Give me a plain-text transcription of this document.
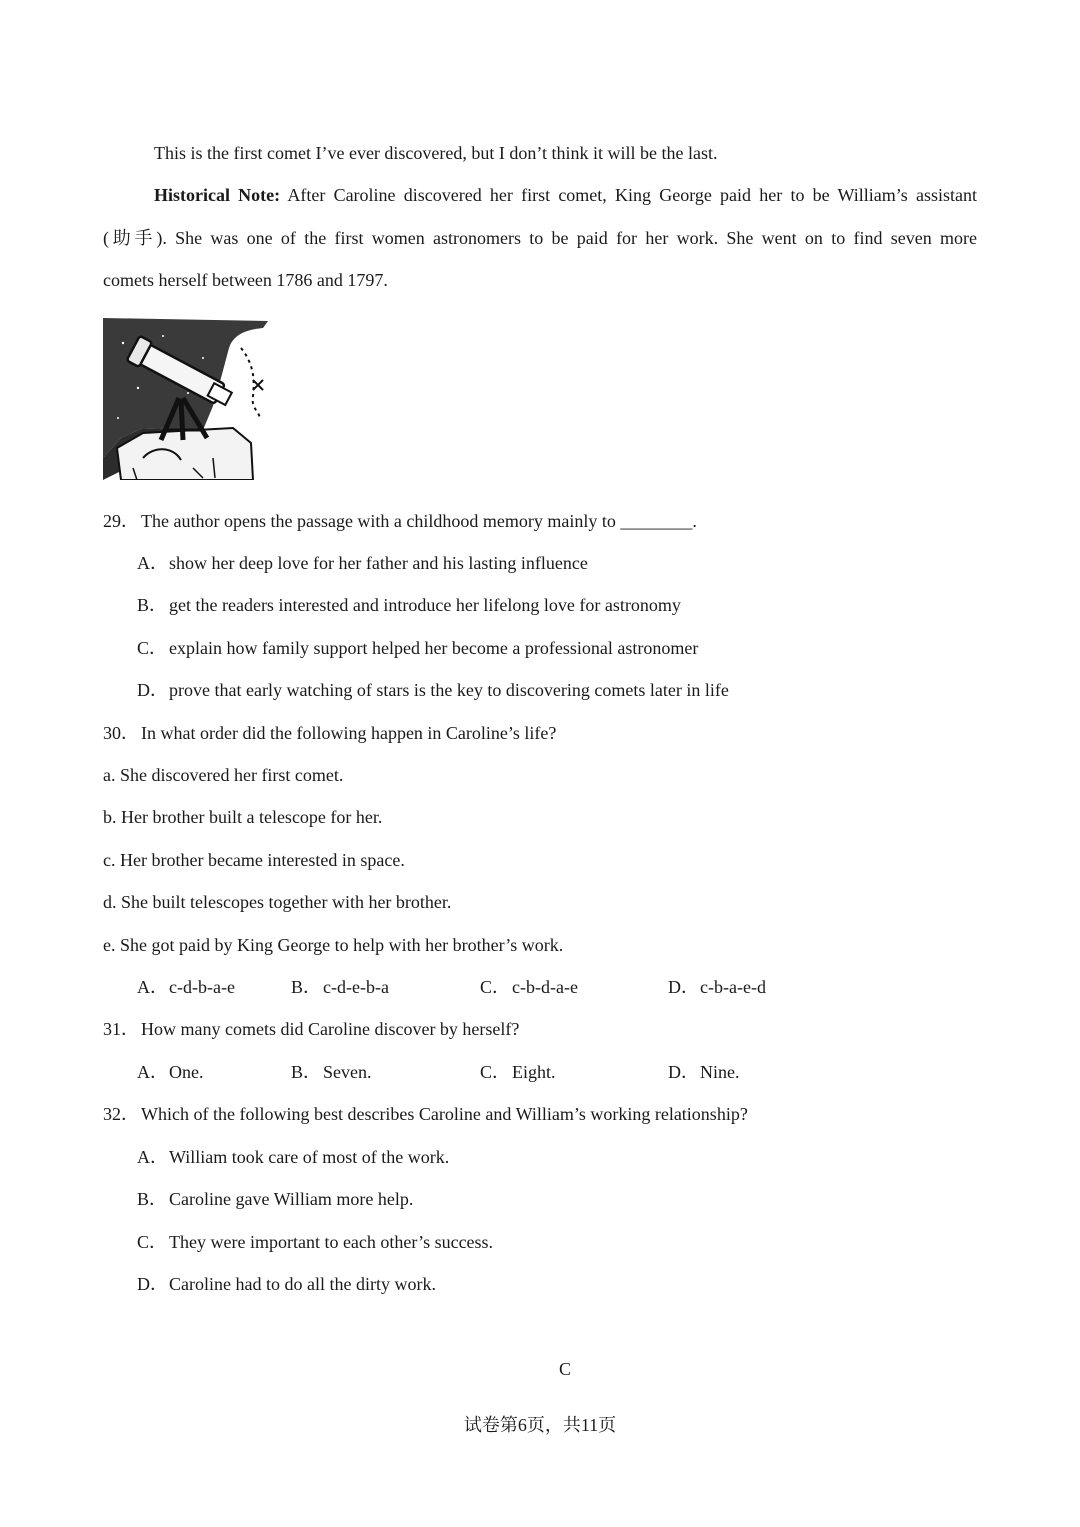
This is the first comet I’ve ever discovered, but I don’t think it will be the last.
Historical Note: After Caroline discovered her first comet, King George paid her to be William’s assistant
(助手). She was one of the first women astronomers to be paid for her work. She went on to find seven more
comets herself between 1786 and 1797.
29． The author opens the passage with a childhood memory mainly to ________.
A．show her deep love for her father and his lasting influence
B． get the readers interested and introduce her lifelong love for astronomy
C． explain how family support helped her become a professional astronomer
D．prove that early watching of stars is the key to discovering comets later in life
30． In what order did the following happen in Caroline’s life?
a. She discovered her first comet.
b. Her brother built a telescope for her.
c. Her brother became interested in space.
d. She built telescopes together with her brother.
e. She got paid by King George to help with her brother’s work.
A．c-d-b-a-e	B． c-d-e-b-a	C． c-b-d-a-e	D．c-b-a-e-d
31． How many comets did Caroline discover by herself?
A．One.	B． Seven.	C． Eight.	D．Nine.
32． Which of the following best describes Caroline and William’s working relationship?
A．William took care of most of the work.
B． Caroline gave William more help.
C． They were important to each other’s success.
D．Caroline had to do all the dirty work.
C
试卷第6页，共11页
